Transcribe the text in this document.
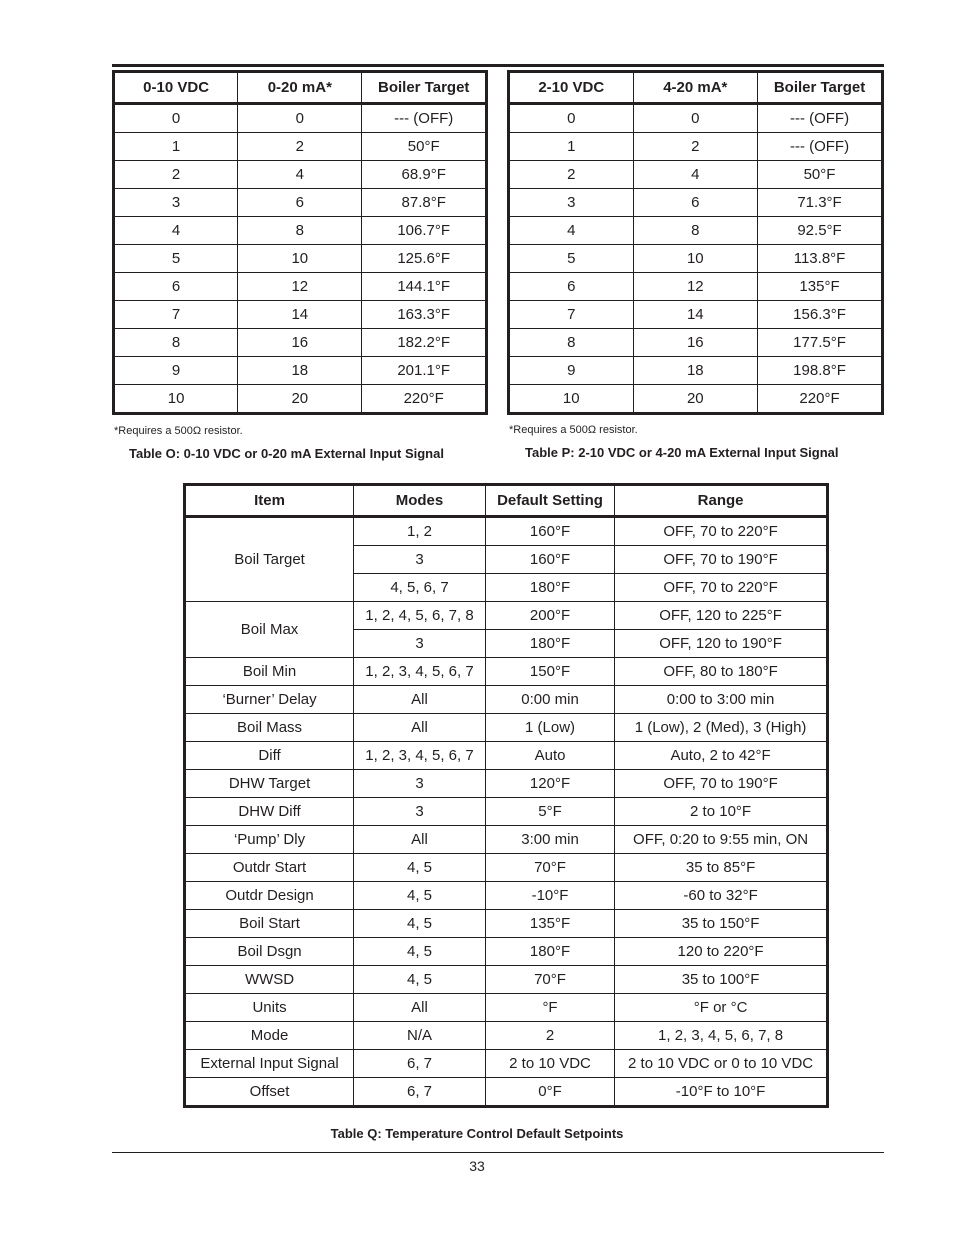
0-10 VDC	0-20 mA*	Boiler Target
0	0	--- (OFF)
1	2	50°F
2	4	68.9°F
3	6	87.8°F
4	8	106.7°F
5	10	125.6°F
6	12	144.1°F
7	14	163.3°F
8	16	182.2°F
9	18	201.1°F
10	20	220°F
*Requires a 500Ω resistor.
Table O: 0-10 VDC or 0-20 mA External Input Signal
2-10 VDC	4-20 mA*	Boiler Target
0	0	--- (OFF)
1	2	--- (OFF)
2	4	50°F
3	6	71.3°F
4	8	92.5°F
5	10	113.8°F
6	12	135°F
7	14	156.3°F
8	16	177.5°F
9	18	198.8°F
10	20	220°F
*Requires a 500Ω resistor.
Table P: 2-10 VDC or 4-20 mA External Input Signal
Item	Modes	Default Setting	Range
Boil Target	1, 2	160°F	OFF, 70 to 220°F
	3	160°F	OFF, 70 to 190°F
	4, 5, 6, 7	180°F	OFF, 70 to 220°F
Boil Max	1, 2, 4, 5, 6, 7, 8	200°F	OFF, 120 to 225°F
	3	180°F	OFF, 120 to 190°F
Boil Min	1, 2, 3, 4, 5, 6, 7	150°F	OFF, 80 to 180°F
‘Burner’ Delay	All	0:00 min	0:00 to 3:00 min
Boil Mass	All	1 (Low)	1 (Low), 2 (Med), 3 (High)
Diff	1, 2, 3, 4, 5, 6, 7	Auto	Auto, 2 to 42°F
DHW Target	3	120°F	OFF, 70 to 190°F
DHW Diff	3	5°F	2 to 10°F
‘Pump’ Dly	All	3:00 min	OFF, 0:20 to 9:55 min, ON
Outdr Start	4, 5	70°F	35 to 85°F
Outdr Design	4, 5	-10°F	-60 to 32°F
Boil Start	4, 5	135°F	35 to 150°F
Boil Dsgn	4, 5	180°F	120 to 220°F
WWSD	4, 5	70°F	35 to 100°F
Units	All	°F	°F or °C
Mode	N/A	2	1, 2, 3, 4, 5, 6, 7, 8
External Input Signal	6, 7	2 to 10 VDC	2 to 10 VDC or 0 to 10 VDC
Offset	6, 7	0°F	-10°F to 10°F
Table Q: Temperature Control Default Setpoints
33
